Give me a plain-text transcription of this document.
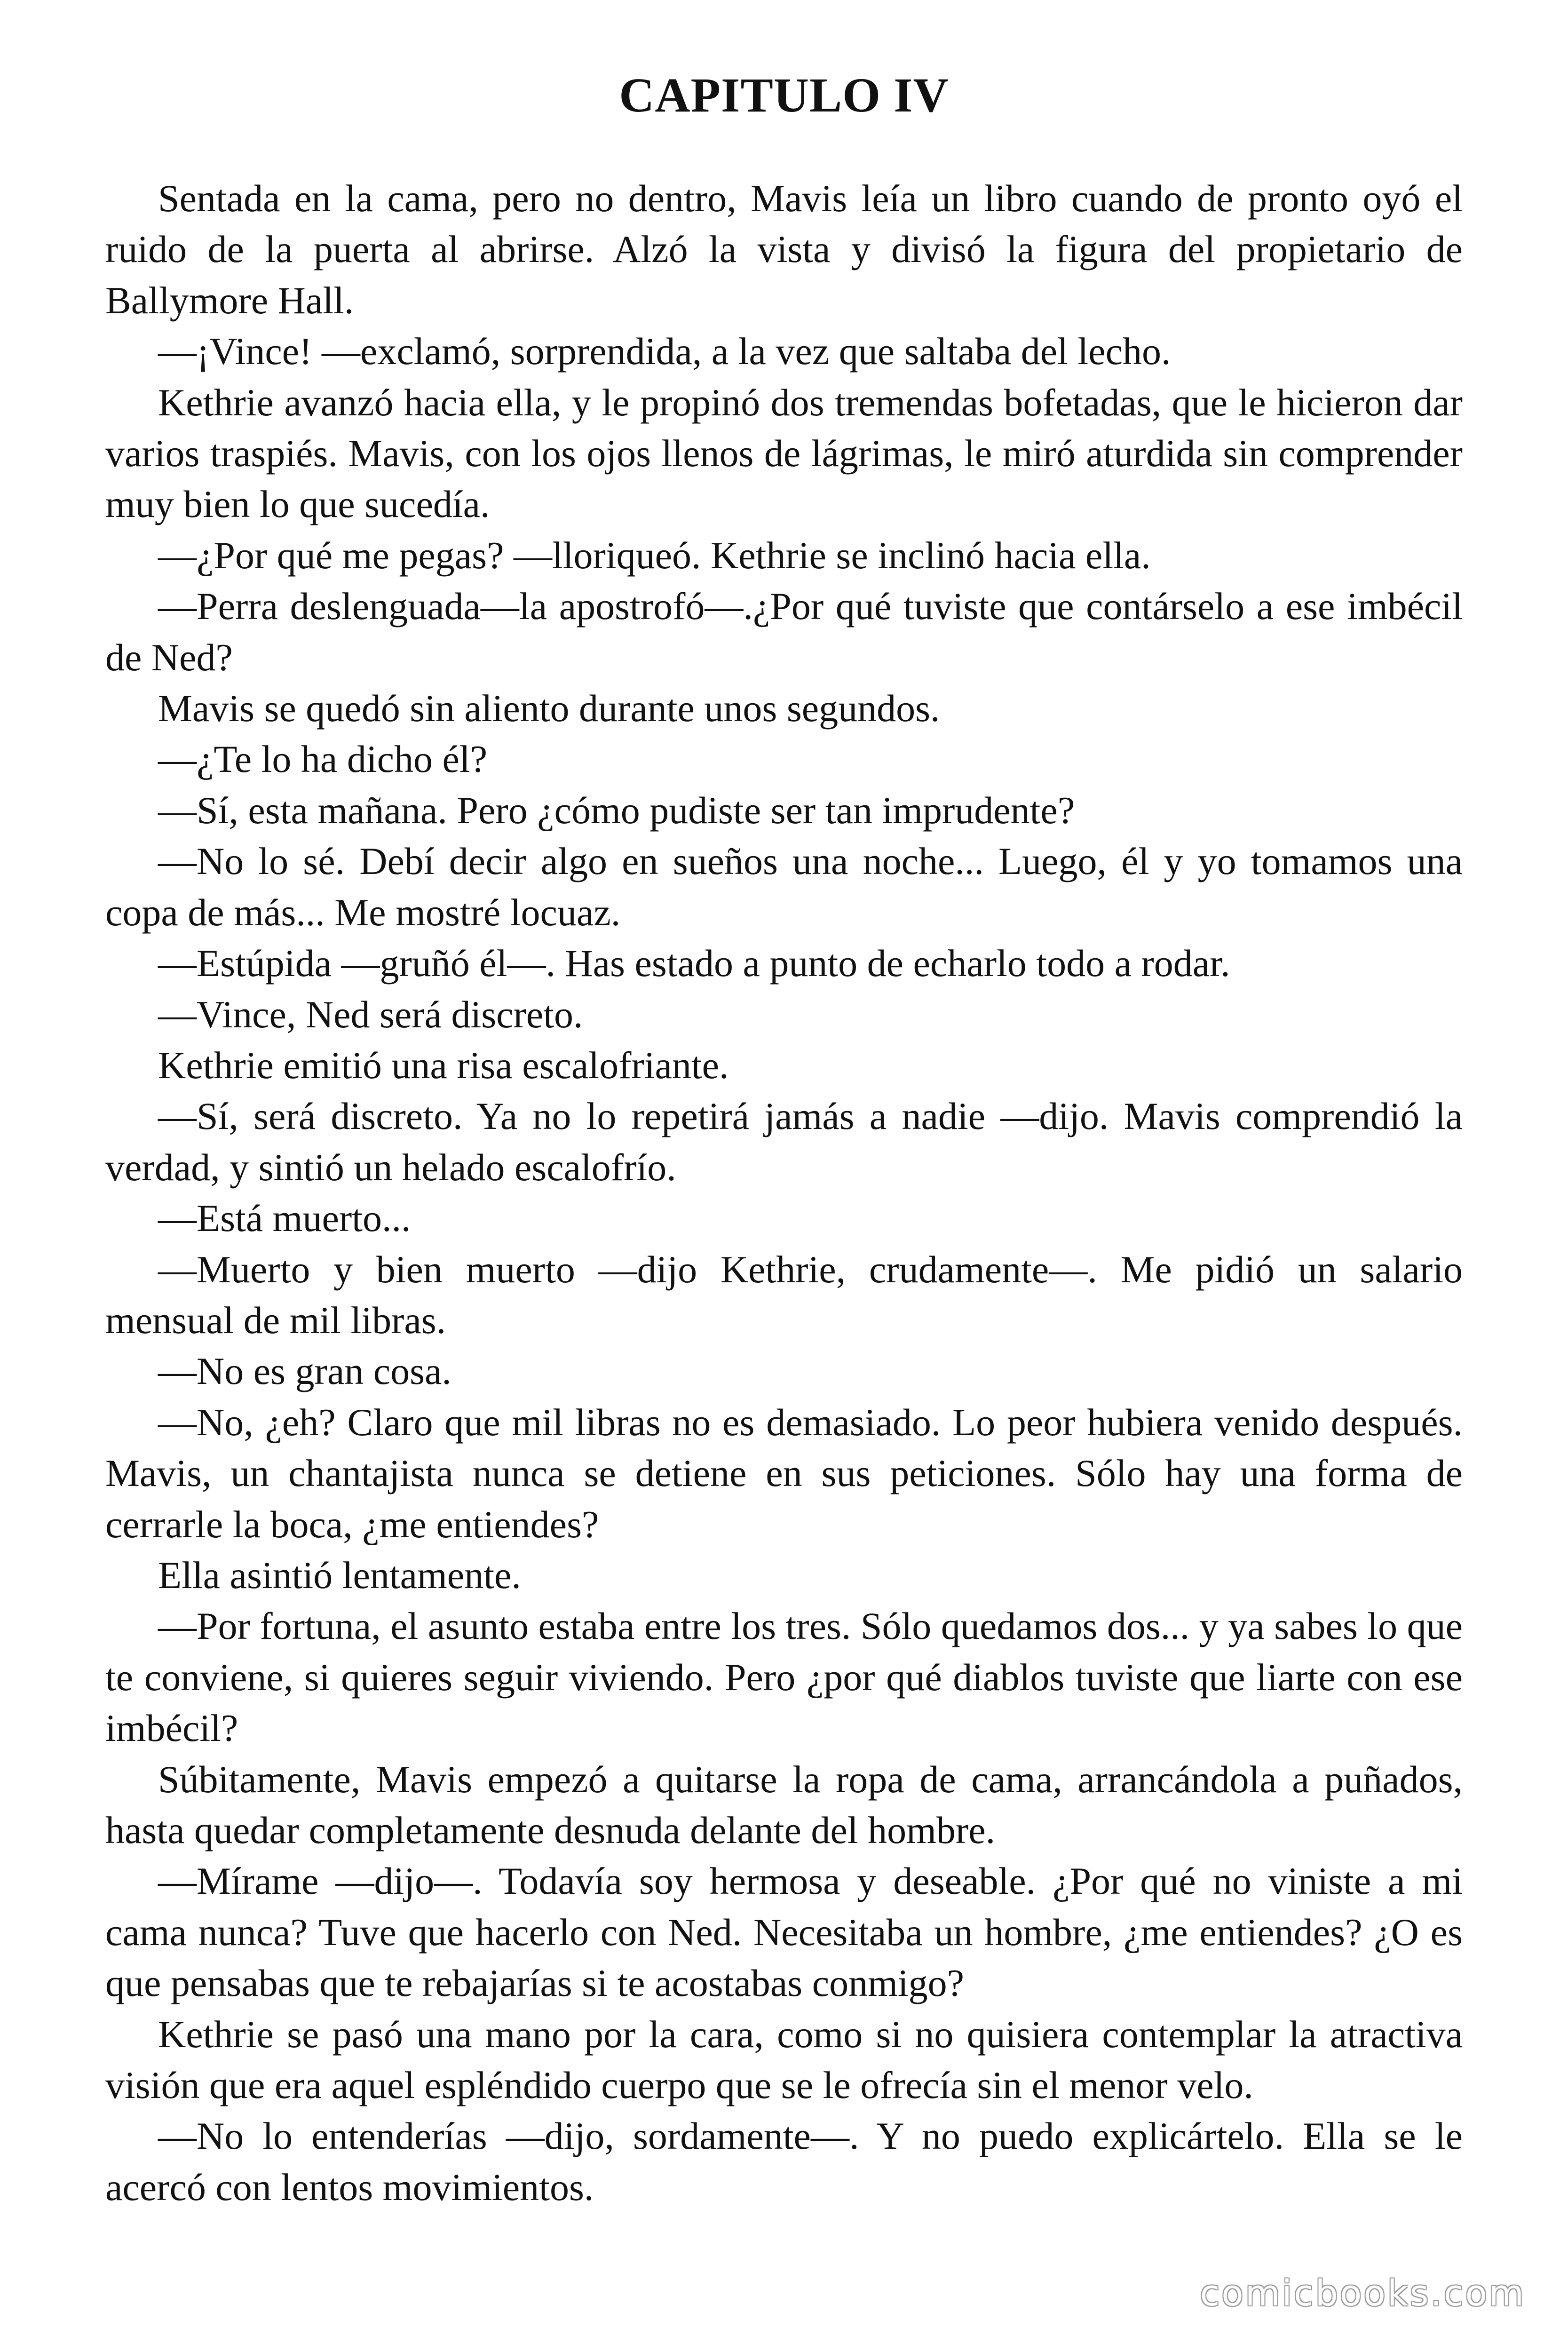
CAPITULO IV

Sentada en la cama, pero no dentro, Mavis leía un libro cuando de pronto oyó el ruido de la puerta al abrirse. Alzó la vista y divisó la figura del propietario de Ballymore Hall.

—¡Vince! —exclamó, sorprendida, a la vez que saltaba del lecho.

Kethrie avanzó hacia ella, y le propinó dos tremendas bofetadas, que le hicieron dar varios traspiés. Mavis, con los ojos llenos de lágrimas, le miró aturdida sin comprender muy bien lo que sucedía.

—¿Por qué me pegas? —lloriqueó. Kethrie se inclinó hacia ella.

—Perra deslenguada—la apostrofó—.¿Por qué tuviste que contárselo a ese imbécil de Ned?

Mavis se quedó sin aliento durante unos segundos.

—¿Te lo ha dicho él?

—Sí, esta mañana. Pero ¿cómo pudiste ser tan imprudente?

—No lo sé. Debí decir algo en sueños una noche... Luego, él y yo tomamos una copa de más... Me mostré locuaz.

—Estúpida —gruñó él—. Has estado a punto de echarlo todo a rodar.

—Vince, Ned será discreto.

Kethrie emitió una risa escalofriante.

—Sí, será discreto. Ya no lo repetirá jamás a nadie —dijo. Mavis comprendió la verdad, y sintió un helado escalofrío.

—Está muerto...

—Muerto y bien muerto —dijo Kethrie, crudamente—. Me pidió un salario mensual de mil libras.

—No es gran cosa.

—No, ¿eh? Claro que mil libras no es demasiado. Lo peor hubiera venido después. Mavis, un chantajista nunca se detiene en sus peticiones. Sólo hay una forma de cerrarle la boca, ¿me entiendes?

Ella asintió lentamente.

—Por fortuna, el asunto estaba entre los tres. Sólo quedamos dos... y ya sabes lo que te conviene, si quieres seguir viviendo. Pero ¿por qué diablos tuviste que liarte con ese imbécil?

Súbitamente, Mavis empezó a quitarse la ropa de cama, arrancándola a puñados, hasta quedar completamente desnuda delante del hombre.

—Mírame —dijo—. Todavía soy hermosa y deseable. ¿Por qué no viniste a mi cama nunca? Tuve que hacerlo con Ned. Necesitaba un hombre, ¿me entiendes? ¿O es que pensabas que te rebajarías si te acostabas conmigo?

Kethrie se pasó una mano por la cara, como si no quisiera contemplar la atractiva visión que era aquel espléndido cuerpo que se le ofrecía sin el menor velo.

—No lo entenderías —dijo, sordamente—. Y no puedo explicártelo. Ella se le acercó con lentos movimientos.

comicbooks.com
